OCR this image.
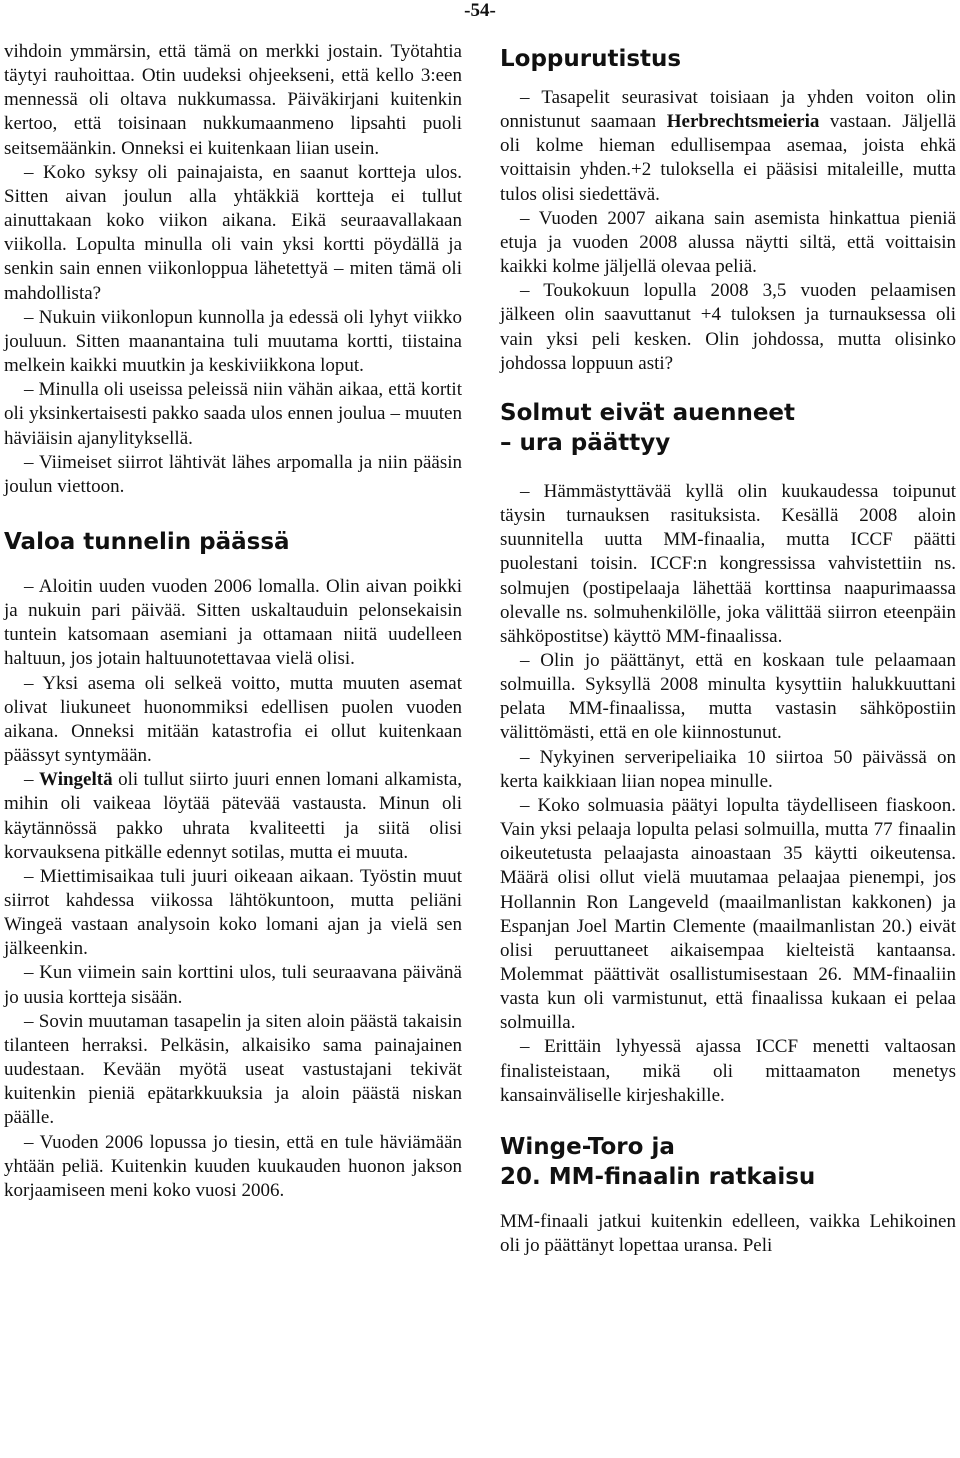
-54-

vihdoin ymmärsin, että tämä on merkki jostain. Työtahtia täytyi rauhoittaa. Otin uudeksi ohjeekseni, että kello 3:een mennessä oli oltava nukkumassa. Päiväkirjani kuitenkin kertoo, että toisinaan nukkumaanmeno lipsahti puoli seitsemäänkin. Onneksi ei kuitenkaan liian usein.

– Koko syksy oli painajaista, en saanut kortteja ulos. Sitten aivan joulun alla yhtäkkiä kortteja ei tullut ainuttakaan koko viikon aikana. Eikä seuraavallakaan viikolla. Lopulta minulla oli vain yksi kortti pöydällä ja senkin sain ennen viikonloppua lähetettyä – miten tämä oli mahdollista?

– Nukuin viikonlopun kunnolla ja edessä oli lyhyt viikko jouluun. Sitten maanantaina tuli muutama kortti, tiistaina melkein kaikki muutkin ja keskiviikkona loput.

– Minulla oli useissa peleissä niin vähän aikaa, että kortit oli yksinkertaisesti pakko saada ulos ennen joulua – muuten häviäisin ajanylityksellä.

– Viimeiset siirrot lähtivät lähes arpomalla ja niin pääsin joulun viettoon.

Valoa tunnelin päässä

– Aloitin uuden vuoden 2006 lomalla. Olin aivan poikki ja nukuin pari päivää. Sitten uskaltauduin pelonsekaisin tuntein katsomaan asemiani ja ottamaan niitä uudelleen haltuun, jos jotain haltuunotettavaa vielä olisi.

– Yksi asema oli selkeä voitto, mutta muuten asemat olivat liukuneet huonommiksi edellisen puolen vuoden aikana. Onneksi mitään katastrofia ei ollut kuitenkaan päässyt syntymään.

– Wingeltä oli tullut siirto juuri ennen lomani alkamista, mihin oli vaikeaa löytää pätevää vastausta. Minun oli käytännössä pakko uhrata kvaliteetti ja siitä olisi korvauksena pitkälle edennyt sotilas, mutta ei muuta.

– Miettimisaikaa tuli juuri oikeaan aikaan. Työstin muut siirrot kahdessa viikossa lähtökuntoon, mutta peliäni Wingeä vastaan analysoin koko lomani ajan ja vielä sen jälkeenkin.

– Kun viimein sain korttini ulos, tuli seuraavana päivänä jo uusia kortteja sisään.

– Sovin muutaman tasapelin ja siten aloin päästä takaisin tilanteen herraksi. Pelkäsin, alkaisiko sama painajainen uudestaan. Kevään myötä useat vastustajani tekivät kuitenkin pieniä epätarkkuuksia ja aloin päästä niskan päälle.

– Vuoden 2006 lopussa jo tiesin, että en tule häviämään yhtään peliä. Kuitenkin kuuden kuukauden huonon jakson korjaamiseen meni koko vuosi 2006.

Loppurutistus

– Tasapelit seurasivat toisiaan ja yhden voiton olin onnistunut saamaan Herbrechtsmeieria vastaan. Jäljellä oli kolme hieman edullisempaa asemaa, joista ehkä voittaisin yhden.+2 tuloksella ei pääsisi mitaleille, mutta tulos olisi siedettävä.

– Vuoden 2007 aikana sain asemista hinkattua pieniä etuja ja vuoden 2008 alussa näytti siltä, että voittaisin kaikki kolme jäljellä olevaa peliä.

– Toukokuun lopulla 2008 3,5 vuoden pelaamisen jälkeen olin saavuttanut +4 tuloksen ja turnauksessa oli vain yksi peli kesken. Olin johdossa, mutta olisinko johdossa loppuun asti?

Solmut eivät auenneet
– ura päättyy

– Hämmästyttävää kyllä olin kuukaudessa toipunut täysin turnauksen rasituksista. Kesällä 2008 aloin suunnitella uutta MM-finaalia, mutta ICCF päätti puolestani toisin. ICCF:n kongressissa vahvistettiin ns. solmujen (postipelaaja lähettää korttinsa naapurimaassa olevalle ns. solmuhenkilölle, joka välittää siirron eteenpäin sähköpostitse) käyttö MM-finaalissa.

– Olin jo päättänyt, että en koskaan tule pelaamaan solmuilla. Syksyllä 2008 minulta kysyttiin halukkuuttani pelata MM-finaalissa, mutta vastasin sähköpostiin välittömästi, että en ole kiinnostunut.

– Nykyinen serveripeliaika 10 siirtoa 50 päivässä on kerta kaikkiaan liian nopea minulle.

– Koko solmuasia päätyi lopulta täydelliseen fiaskoon. Vain yksi pelaaja lopulta pelasi solmuilla, mutta 77 finaalin oikeutetusta pelaajasta ainoastaan 35 käytti oikeutensa. Määrä olisi ollut vielä muutamaa pelaajaa pienempi, jos Hollannin Ron Langeveld (maailmanlistan kakkonen) ja Espanjan Joel Martin Clemente (maailmanlistan 20.) eivät olisi peruuttaneet aikaisempaa kielteistä kantaansa. Molemmat päättivät osallistumisestaan 26. MM-finaaliin vasta kun oli varmistunut, että finaalissa kukaan ei pelaa solmuilla.

– Erittäin lyhyessä ajassa ICCF menetti valtaosan finalisteistaan, mikä oli mittaamaton menetys kansainväliselle kirjeshakille.

Winge-Toro ja
20. MM-finaalin ratkaisu

MM-finaali jatkui kuitenkin edelleen, vaikka Lehikoinen oli jo päättänyt lopettaa uransa. Peli
